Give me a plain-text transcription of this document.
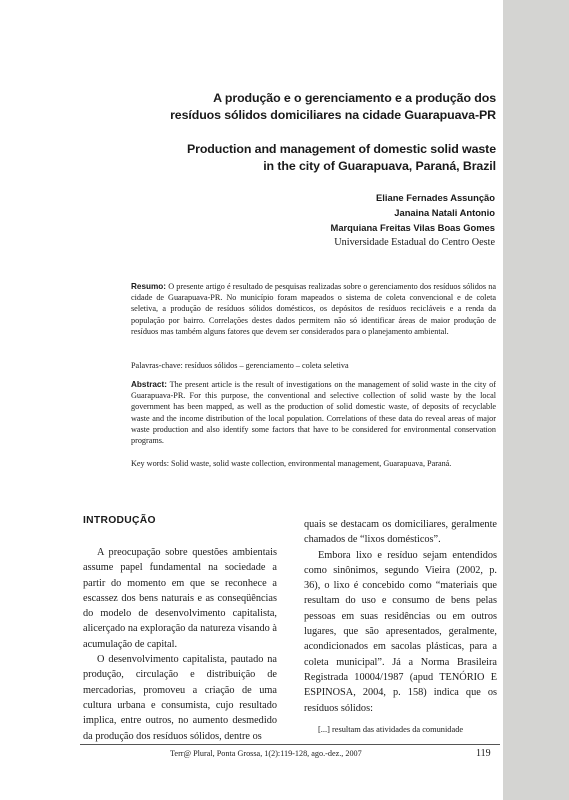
A produção e o gerenciamento e a produção dos
resíduos sólidos domiciliares na cidade Guarapuava-PR
Production and management of domestic solid waste
in the city of Guarapuava, Paraná, Brazil
Eliane Fernades Assunção
Janaina Natali Antonio
Marquiana Freitas Vilas Boas Gomes
Universidade Estadual do Centro Oeste
Resumo: O presente artigo é resultado de pesquisas realizadas sobre o gerenciamento dos resíduos sólidos na cidade de Guarapuava-PR. No município foram mapeados o sistema de coleta convencional e de coleta seletiva, a produção de resíduos sólidos domésticos, os depósitos de resíduos recicláveis e a renda da população por bairro. Correlações destes dados permitem não só identificar áreas de maior produção de resíduos mas também alguns fatores que devem ser considerados para o planejamento ambiental.
Palavras-chave: resíduos sólidos – gerenciamento – coleta seletiva
Abstract: The present article is the result of investigations on the management of solid waste in the city of Guarapuava-PR. For this purpose, the conventional and selective collection of solid waste by the local government has been mapped, as well as the production of solid domestic waste, of deposits of recyclable waste and the income distribution of the local population. Correlations of these data do reveal areas of major waste production and also identify some factors that have to be considered for environmental conservation programs.
Key words: Solid waste, solid waste collection, environmental management, Guarapuava, Paraná.
INTRODUÇÃO

A preocupação sobre questões ambientais assume papel fundamental na sociedade a partir do momento em que se reconhece a escassez dos bens naturais e as conseqüências do modelo de desenvolvimento capitalista, alicerçado na exploração da natureza visando à acumulação de capital.

O desenvolvimento capitalista, pautado na produção, circulação e distribuição de mercadorias, promoveu a criação de uma cultura urbana e consumista, cujo resultado implica, entre outros, no aumento desmedido da produção dos resíduos sólidos, dentre os

quais se destacam os domiciliares, geralmente chamados de “lixos domésticos”.

Embora lixo e resíduo sejam entendidos como sinônimos, segundo Vieira (2002, p. 36), o lixo é concebido como “materiais que resultam do uso e consumo de bens pelas pessoas em suas residências ou em outros lugares, que são apresentados, geralmente, acondicionados em sacolas plásticas, para a coleta municipal”. Já a Norma Brasileira Registrada 10004/1987 (apud TENÓRIO E ESPINOSA, 2004, p. 158) indica que os resíduos sólidos:

[...] resultam das atividades da comunidade
Terr@ Plural, Ponta Grossa, 1(2):119-128, ago.-dez., 2007	119
